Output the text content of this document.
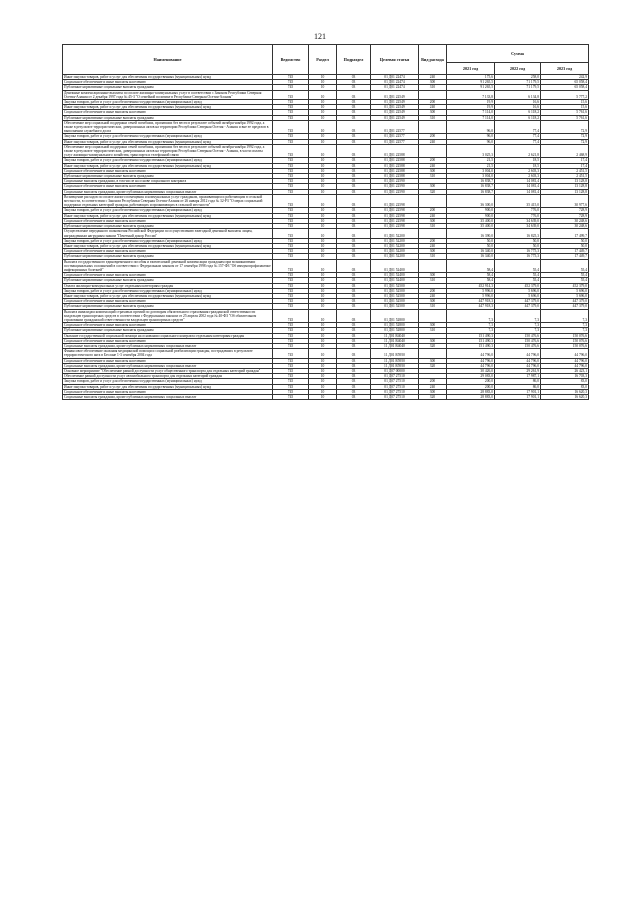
121
Наименование	Ведомство	Раздел	Подраздел	Целевая статья	Вид расхода	Сумма		
						2021 год	2022 год	2023 год
Иные закупки товаров, работ и услуг для обеспечения государственных (муниципальных) нужд	745	10	03	01 Д01 22474	240	175,6	258,0	242,9
Социальное обеспечение и иные выплаты населению	745	10	03	01 Д01 22474	300	91 265,5	71 179,5	65 058,4
Публичные нормативные социальные выплаты гражданам	745	10	03	01 Д01 22474	310	91 265,5	71 179,5	65 058,4
Денежные компенсационные выплаты по оплате жилищно-коммунальных услуг в соответствии с Законом Республики Северная Осетия-Алания от 2 декабря 1997 года № 45-З "О семейной политике в Республике Северная Осетия-Алания"	745	10	03	01 Д01 22549		7 133,8	6 134,8	5 777,2
Закупка товаров, работ и услуг для обеспечения государственных (муниципальных) нужд	745	10	03	01 Д01 22549	200	19,9	16,6	15,6
Иные закупки товаров, работ и услуг для обеспечения государственных (муниципальных) нужд	745	10	03	01 Д01 22549	240	19,9	16,6	15,6
Социальное обеспечение и иные выплаты населению	745	10	03	01 Д01 22549	300	7 114,0	6 118,2	5 761,6
Публичные нормативные социальные выплаты гражданам	745	10	03	01 Д01 22549	310	7 114,0	6 118,2	5 761,6
Обеспечение мер социальной поддержки семей погибших, пропавших без вести в результате событий октября-ноября 1992 года, а также в результате террористических, диверсионных актов на территории Республики Северная Осетия - Алания и вне ее пределов в выполнении служебного долга	745	10	03	01 Д01 22577		96,0	77,4	72,9
Закупка товаров, работ и услуг для обеспечения государственных (муниципальных) нужд	745	10	03	01 Д01 22577	200	96,0	77,4	72,9
Иные закупки товаров, работ и услуг для обеспечения государственных (муниципальных) нужд	745	10	03	01 Д01 22577	240	96,0	77,4	72,9
Обеспечение мер социальной поддержки семей погибших, пропавших без вести в результате событий октября-ноября 1992 года, а также в результате террористических, диверсионных актов на территории Республики Северная Осетия - Алания, в части оплаты услуг жилищно-коммунального хозяйства, транспорта и телефонной связи	745	10	03	01 Д01 22588		3 025,3	2 621,8	2 468,9
Закупка товаров, работ и услуг для обеспечения государственных (муниципальных) нужд	745	10	03	01 Д01 22588	200	21,5	18,5	17,4
Иные закупки товаров, работ и услуг для обеспечения государственных (муниципальных) нужд	745	10	03	01 Д01 22588	240	21,5	18,5	17,4
Социальное обеспечение и иные выплаты населению	745	10	03	01 Д01 22588	300	3 004,0	2 603,3	2 451,5
Публичные нормативные социальные выплаты гражданам	745	10	03	01 Д01 22588	310	3 004,0	2 603,3	2 451,5
Социальные выплаты гражданам, в том числе на основе социального контракта	745	10	03	01 Д01 22590		16 838,7	14 081,4	13 128,8
Социальное обеспечение и иные выплаты населению	745	10	03	01 Д01 22590	300	16 838,7	14 081,4	13 128,8
Социальные выплаты гражданам, кроме публичных нормативных социальных выплат	745	10	03	01 Д01 22590	320	16 838,7	14 081,4	13 128,8
Возмещение расходов по оплате жилого помещения и коммунальных услуг гражданам, проживающим и работающим в сельской местности, в соответствии с Законом Республики Северная Осетия-Алания от 26 января 2012 года № 32-РЗ "О мерах социальной поддержки отдельных категорий граждан, работающих и проживающих в сельской местности"	745	10	03	01 Д01 22598		36 300,0	35 415,0	30 977,6
Закупка товаров, работ и услуг для обеспечения государственных (муниципальных) нужд	745	10	03	01 Д01 22598	200	900,0	776,0	728,9
Иные закупки товаров, работ и услуг для обеспечения государственных (муниципальных) нужд	745	10	03	01 Д01 22598	240	900,0	776,0	728,9
Социальное обеспечение и иные выплаты населению	745	10	03	01 Д01 22598	300	35 400,0	34 639,0	30 248,6
Публичные нормативные социальные выплаты гражданам	745	10	03	01 Д01 22598	310	35 400,0	34 639,0	30 248,6
Осуществление переданного полномочия Российской Федерации по осуществлению ежегодной денежной выплаты лицам, награжденным нагрудным знаком "Почетный донор России"	745	10	03	01 Д01 52200		16 390,0	16 825,3	17 499,7
Закупка товаров, работ и услуг для обеспечения государственных (муниципальных) нужд	745	10	03	01 Д01 52200	200	50,0	50,0	50,0
Иные закупки товаров, работ и услуг для обеспечения государственных (муниципальных) нужд	745	10	03	01 Д01 52200	240	50,0	50,0	50,0
Социальное обеспечение и иные выплаты населению	745	10	03	01 Д01 52200	300	16 340,0	16 775,3	17 449,7
Публичные нормативные социальные выплаты гражданам	745	10	03	01 Д01 52200	310	16 340,0	16 775,3	17 449,7
Выплата государственного единовременного пособия и ежемесячной денежной компенсации гражданам при возникновении поствакцинальных осложнений в соответствии с Федеральным законом от 17 сентября 1998 года № 157-ФЗ "Об иммунопрофилактике инфекционных болезней"	745	10	03	01 Д01 52400		58,4	55,4	55,4
Социальное обеспечение и иные выплаты населению	745	10	03	01 Д01 52400	300	58,4	55,4	55,4
Публичные нормативные социальные выплаты гражданам	745	10	03	01 Д01 52400	310	58,4	55,4	55,4
Оплата жилищно-коммунальных услуг отдельным категориям граждан	745	10	03	01 Д01 52500		452 914,3	452 379,0	452 379,0
Закупка товаров, работ и услуг для обеспечения государственных (муниципальных) нужд	745	10	03	01 Д01 52500	200	5 996,0	5 696,0	5 696,0
Иные закупки товаров, работ и услуг для обеспечения государственных (муниципальных) нужд	745	10	03	01 Д01 52500	240	5 996,0	5 696,0	5 696,0
Социальное обеспечение и иные выплаты населению	745	10	03	01 Д01 52500	300	447 918,3	447 379,0	447 379,0
Публичные нормативные социальные выплаты гражданам	745	10	03	01 Д01 52500	310	447 918,3	447 379,0	447 379,0
Выплата инвалидам компенсаций страховых премий по договорам обязательного страхования гражданской ответственности владельцев транспортных средств в соответствии с Федеральным законом от 25 апреля 2002 года № 40-ФЗ "Об обязательном страховании гражданской ответственности владельцев транспортных средств"	745	10	03	01 Д01 52800		7,3	7,3	7,3
Социальное обеспечение и иные выплаты населению	745	10	03	01 Д01 52800	300	7,3	7,3	7,3
Публичные нормативные социальные выплаты гражданам	745	10	03	01 Д01 52800	310	7,3	7,3	7,3
Оказание государственной социальной помощи на основании социального контракта отдельным категориям граждан	745	10	03	11 Д01 R4040		151 490,3	150 476,6	150 076,6
Социальное обеспечение и иные выплаты населению	745	10	03	11 Д01 R4040	300	151 490,3	150 476,6	150 076,6
Социальные выплаты гражданам, кроме публичных нормативных социальных выплат	745	10	03	11 Д01 R4040	320	151 490,3	150 476,6	150 076,6
Финансовое обеспечение оказания медицинской помощи и социальной реабилитации граждан, пострадавших в результате террористического акта в Беслане 1-3 сентября 2004 года	745	10	03	11 Д01 R5950		44 796,0	44 796,0	44 796,0
Социальное обеспечение и иные выплаты населению	745	10	03	11 Д01 R5950	300	44 796,0	44 796,0	44 796,0
Социальные выплаты гражданам, кроме публичных нормативных социальных выплат	745	10	03	11 Д01 R5950	320	44 796,0	44 796,0	44 796,0
Основное мероприятие "Обеспечение равной доступности услуг общественного транспорта для отдельных категорий граждан"	745	10	03	01 Д07 00000		30 426,0	29 261,9	26 423,1
Обеспечение равной доступности услуг автомобильного транспорта для отдельных категорий граждан	745	10	03	01 Д07 27510		29 083,0	17 987,1	16 703,3
Закупка товаров, работ и услуг для обеспечения государственных (муниципальных) нужд	745	10	03	01 Д07 27510	200	200,0	86,0	83,0
Иные закупки товаров, работ и услуг для обеспечения государственных (муниципальных) нужд	745	10	03	01 Д07 27510	240	200,0	86,0	83,0
Социальное обеспечение и иные выплаты населению	745	10	03	01 Д07 27510	300	28 883,0	17 901,1	16 620,3
Социальные выплаты гражданам, кроме публичных нормативных социальных выплат	745	10	03	01 Д07 27510	320	28 883,0	17 901,1	16 620,3
